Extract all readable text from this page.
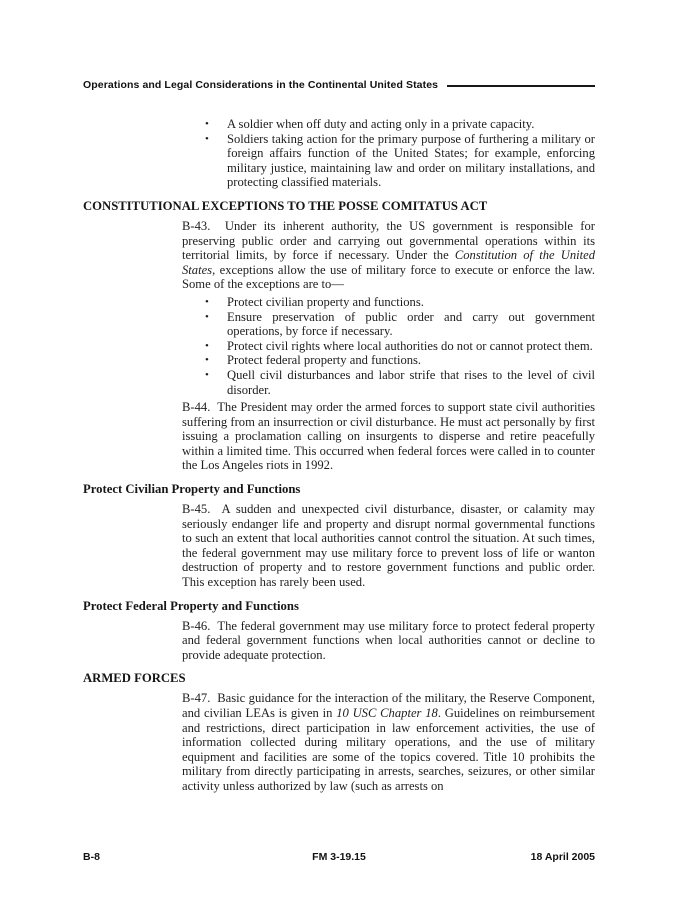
Operations and Legal Considerations in the Continental United States
•	A soldier when off duty and acting only in a private capacity.
•	Soldiers taking action for the primary purpose of furthering a military or foreign affairs function of the United States; for example, enforcing military justice, maintaining law and order on military installations, and protecting classified materials.
CONSTITUTIONAL EXCEPTIONS TO THE POSSE COMITATUS ACT

B-43.  Under its inherent authority, the US government is responsible for preserving public order and carrying out governmental operations within its territorial limits, by force if necessary. Under the Constitution of the United States, exceptions allow the use of military force to execute or enforce the law. Some of the exceptions are to—

•	Protect civilian property and functions.
•	Ensure preservation of public order and carry out government operations, by force if necessary.
•	Protect civil rights where local authorities do not or cannot protect them.
•	Protect federal property and functions.
•	Quell civil disturbances and labor strife that rises to the level of civil disorder.

B-44.  The President may order the armed forces to support state civil authorities suffering from an insurrection or civil disturbance. He must act personally by first issuing a proclamation calling on insurgents to disperse and retire peacefully within a limited time. This occurred when federal forces were called in to counter the Los Angeles riots in 1992.

Protect Civilian Property and Functions

B-45.  A sudden and unexpected civil disturbance, disaster, or calamity may seriously endanger life and property and disrupt normal governmental functions to such an extent that local authorities cannot control the situation. At such times, the federal government may use military force to prevent loss of life or wanton destruction of property and to restore government functions and public order. This exception has rarely been used.

Protect Federal Property and Functions

B-46.  The federal government may use military force to protect federal property and federal government functions when local authorities cannot or decline to provide adequate protection.

ARMED FORCES

B-47.  Basic guidance for the interaction of the military, the Reserve Component, and civilian LEAs is given in 10 USC Chapter 18. Guidelines on reimbursement and restrictions, direct participation in law enforcement activities, the use of information collected during military operations, and the use of military equipment and facilities are some of the topics covered. Title 10 prohibits the military from directly participating in arrests, searches, seizures, or other similar activity unless authorized by law (such as arrests on

B-8	FM 3-19.15	18 April 2005
